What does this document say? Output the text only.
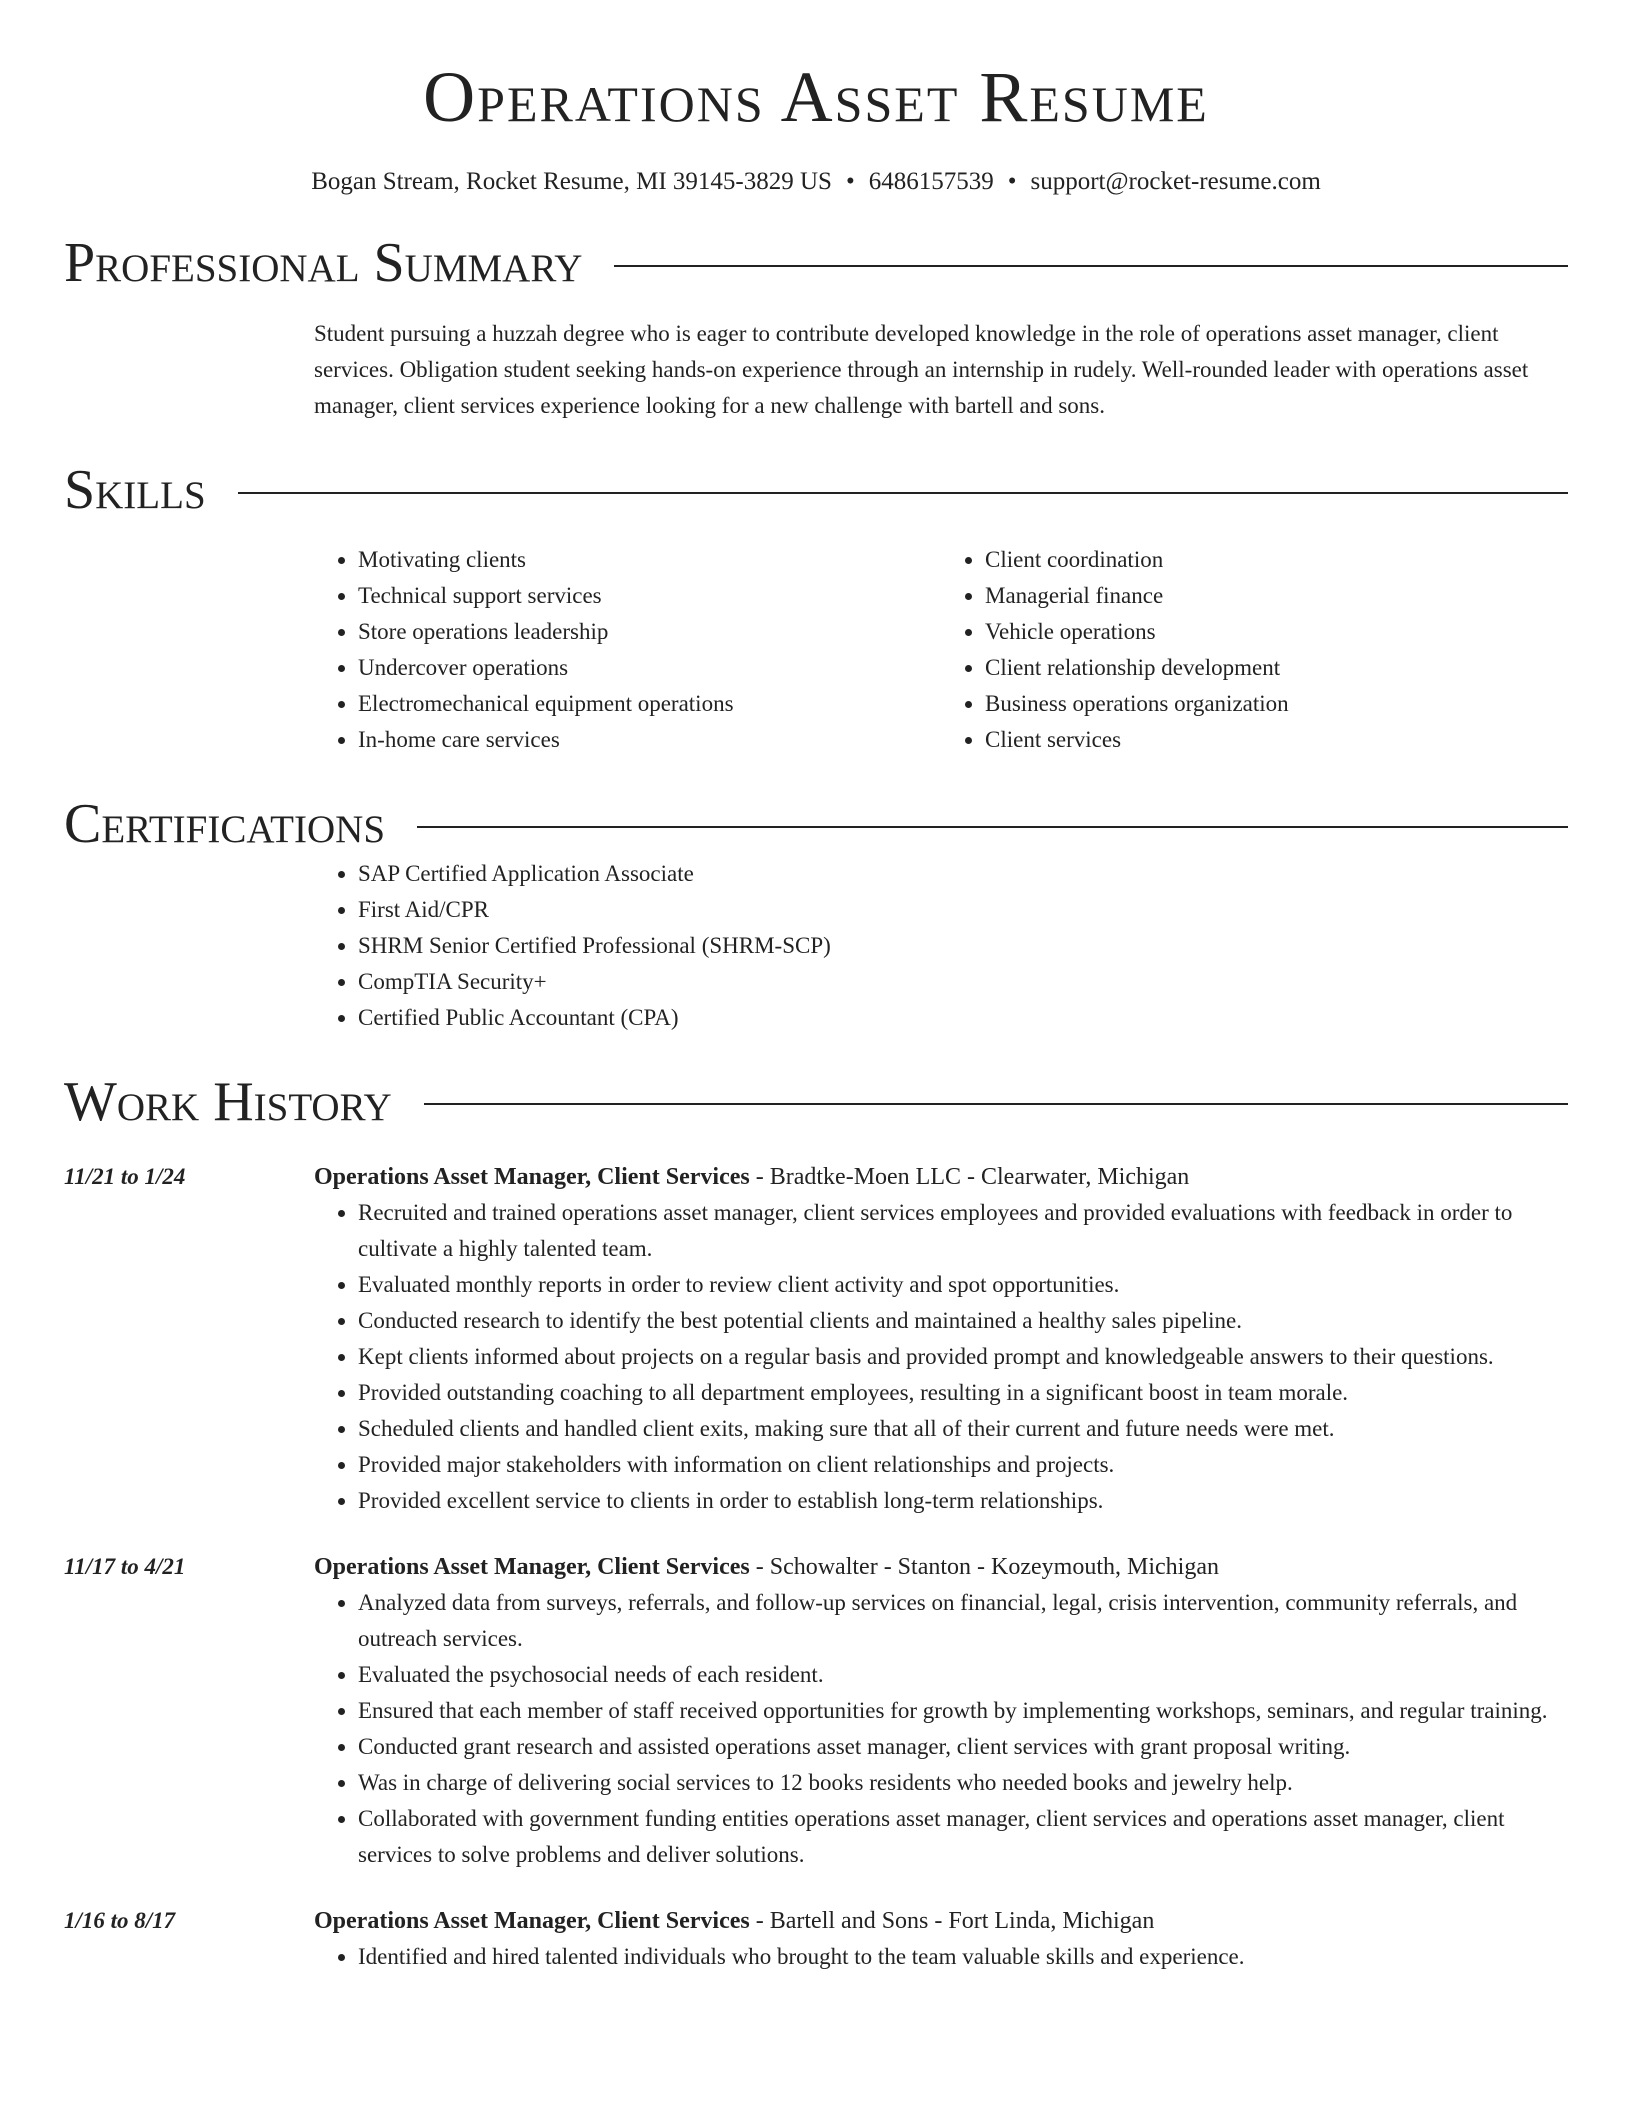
Operations Asset Resume
Bogan Stream, Rocket Resume, MI 39145-3829 US • 6486157539 • support@rocket-resume.com
Professional Summary

Student pursuing a huzzah degree who is eager to contribute developed knowledge in the role of operations asset manager, client services. Obligation student seeking hands-on experience through an internship in rudely. Well-rounded leader with operations asset manager, client services experience looking for a new challenge with bartell and sons.

Skills
• Motivating clients
• Technical support services
• Store operations leadership
• Undercover operations
• Electromechanical equipment operations
• In-home care services
• Client coordination
• Managerial finance
• Vehicle operations
• Client relationship development
• Business operations organization
• Client services
Certifications
• SAP Certified Application Associate
• First Aid/CPR
• SHRM Senior Certified Professional (SHRM-SCP)
• CompTIA Security+
• Certified Public Accountant (CPA)
Work History
11/21 to 1/24	Operations Asset Manager, Client Services - Bradtke-Moen LLC - Clearwater, Michigan
• Recruited and trained operations asset manager, client services employees and provided evaluations with feedback in order to cultivate a highly talented team.
• Evaluated monthly reports in order to review client activity and spot opportunities.
• Conducted research to identify the best potential clients and maintained a healthy sales pipeline.
• Kept clients informed about projects on a regular basis and provided prompt and knowledgeable answers to their questions.
• Provided outstanding coaching to all department employees, resulting in a significant boost in team morale.
• Scheduled clients and handled client exits, making sure that all of their current and future needs were met.
• Provided major stakeholders with information on client relationships and projects.
• Provided excellent service to clients in order to establish long-term relationships.
11/17 to 4/21	Operations Asset Manager, Client Services - Schowalter - Stanton - Kozeymouth, Michigan
• Analyzed data from surveys, referrals, and follow-up services on financial, legal, crisis intervention, community referrals, and outreach services.
• Evaluated the psychosocial needs of each resident.
• Ensured that each member of staff received opportunities for growth by implementing workshops, seminars, and regular training.
• Conducted grant research and assisted operations asset manager, client services with grant proposal writing.
• Was in charge of delivering social services to 12 books residents who needed books and jewelry help.
• Collaborated with government funding entities operations asset manager, client services and operations asset manager, client services to solve problems and deliver solutions.
1/16 to 8/17	Operations Asset Manager, Client Services - Bartell and Sons - Fort Linda, Michigan
• Identified and hired talented individuals who brought to the team valuable skills and experience.
